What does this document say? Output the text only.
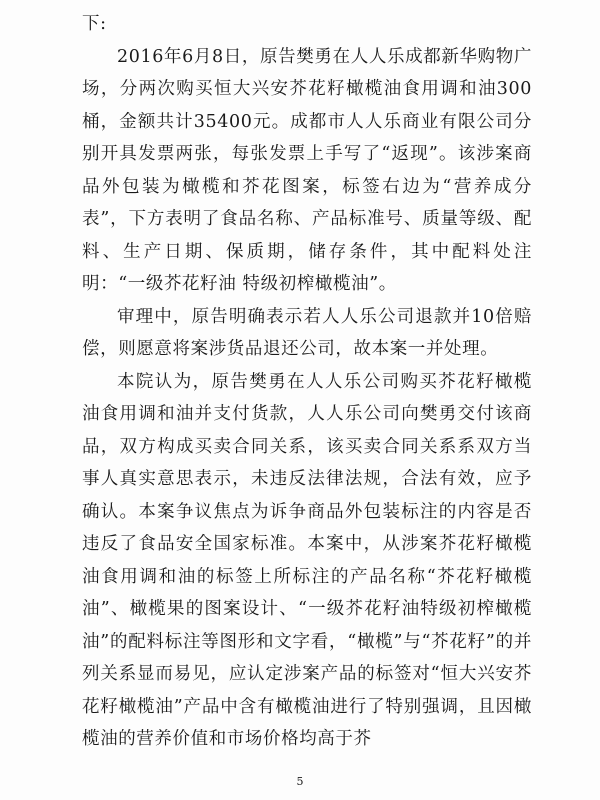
下:

2016年6月8日，原告樊勇在人人乐成都新华购物广场，分两次购买恒大兴安芥花籽橄榄油食用调和油300桶，金额共计35400元。成都市人人乐商业有限公司分别开具发票两张，每张发票上手写了“返现”。该涉案商品外包装为橄榄和芥花图案，标签右边为“营养成分表”，下方表明了食品名称、产品标准号、质量等级、配料、生产日期、保质期，储存条件，其中配料处注明：“一级芥花籽油 特级初榨橄榄油”。

审理中，原告明确表示若人人乐公司退款并10倍赔偿，则愿意将案涉货品退还公司，故本案一并处理。

本院认为，原告樊勇在人人乐公司购买芥花籽橄榄油食用调和油并支付货款，人人乐公司向樊勇交付该商品，双方构成买卖合同关系，该买卖合同关系系双方当事人真实意思表示，未违反法律法规，合法有效，应予确认。本案争议焦点为诉争商品外包装标注的内容是否违反了食品安全国家标准。本案中，从涉案芥花籽橄榄油食用调和油的标签上所标注的产品名称“芥花籽橄榄油”、橄榄果的图案设计、“一级芥花籽油特级初榨橄榄油”的配料标注等图形和文字看，“橄榄”与“芥花籽”的并列关系显而易见，应认定涉案产品的标签对“恒大兴安芥花籽橄榄油”产品中含有橄榄油进行了特别强调，且因橄榄油的营养价值和市场价格均高于芥

5
